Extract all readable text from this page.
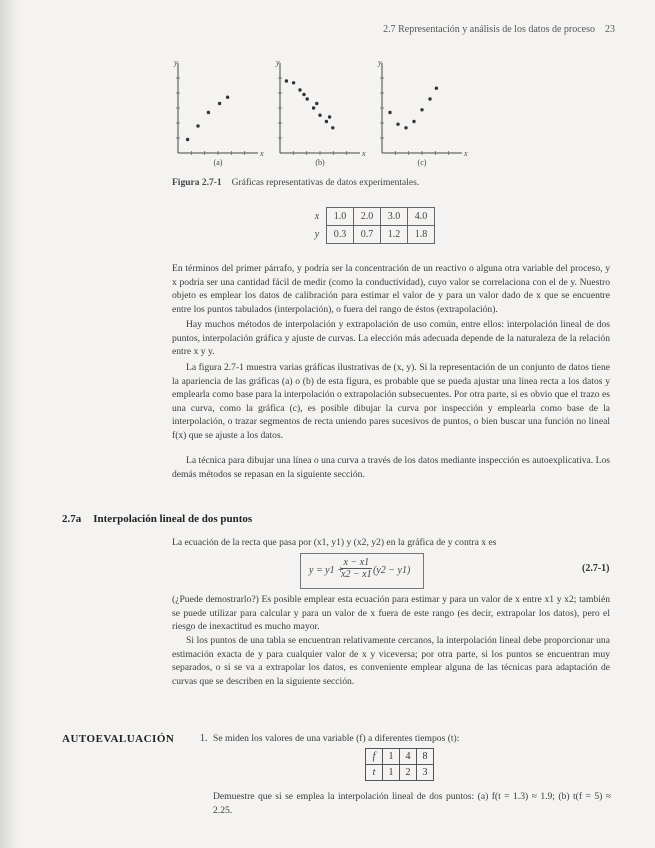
2.7 Representación y análisis de los datos de proceso 23
y
x
(a)
y
x
(b)
y
x
(c)
Figura 2.7-1 Gráficas representativas de datos experimentales.
x	1.0	2.0	3.0	4.0
y	0.3	0.7	1.2	1.8

En términos del primer párrafo, y podría ser la concentración de un reactivo o alguna otra variable del proceso, y x podría ser una cantidad fácil de medir (como la conductividad), cuyo valor se correlaciona con el de y. Nuestro objeto es emplear los datos de calibración para estimar el valor de y para un valor dado de x que se encuentre entre los puntos tabulados (interpolación), o fuera del rango de éstos (extrapolación).

Hay muchos métodos de interpolación y extrapolación de uso común, entre ellos: interpolación lineal de dos puntos, interpolación gráfica y ajuste de curvas. La elección más adecuada depende de la naturaleza de la relación entre x y y.

La figura 2.7-1 muestra varias gráficas ilustrativas de (x, y). Si la representación de un conjunto de datos tiene la apariencia de las gráficas (a) o (b) de esta figura, es probable que se pueda ajustar una línea recta a los datos y emplearla como base para la interpolación o extrapolación subsecuentes. Por otra parte, si es obvio que el trazo es una curva, como la gráfica (c), es posible dibujar la curva por inspección y emplearla como base de la interpolación, o trazar segmentos de recta uniendo pares sucesivos de puntos, o bien buscar una función no lineal f(x) que se ajuste a los datos.

La técnica para dibujar una línea o una curva a través de los datos mediante inspección es autoexplicativa. Los demás métodos se repasan en la siguiente sección.

2.7a Interpolación lineal de dos puntos

La ecuación de la recta que pasa por (x1, y1) y (x2, y2) en la gráfica de y contra x es

y = y1 +
$\frac{x - x1}{x2 - x1} (y2 - y1)$	(2.7-1)

(¿Puede demostrarlo?) Es posible emplear esta ecuación para estimar y para un valor de x entre x1 y x2; también se puede utilizar para calcular y para un valor de x fuera de este rango (es decir, extrapolar los datos), pero el riesgo de inexactitud es mucho mayor.

Si los puntos de una tabla se encuentran relativamente cercanos, la interpolación lineal debe proporcionar una estimación exacta de y para cualquier valor de x y viceversa; por otra parte, si los puntos se encuentran muy separados, o si se va a extrapolar los datos, es conveniente emplear alguna de las técnicas para adaptación de curvas que se describen en la siguiente sección.

AUTOEVALUACIÓN	1. Se miden los valores de una variable (f) a diferentes tiempos (t):
f	1	4	8
t	1	2	3

Demuestre que si se emplea la interpolación lineal de dos puntos: (a) f(t = 1.3) ≈ 1.9; (b) t(f = 5) ≈ 2.25.
